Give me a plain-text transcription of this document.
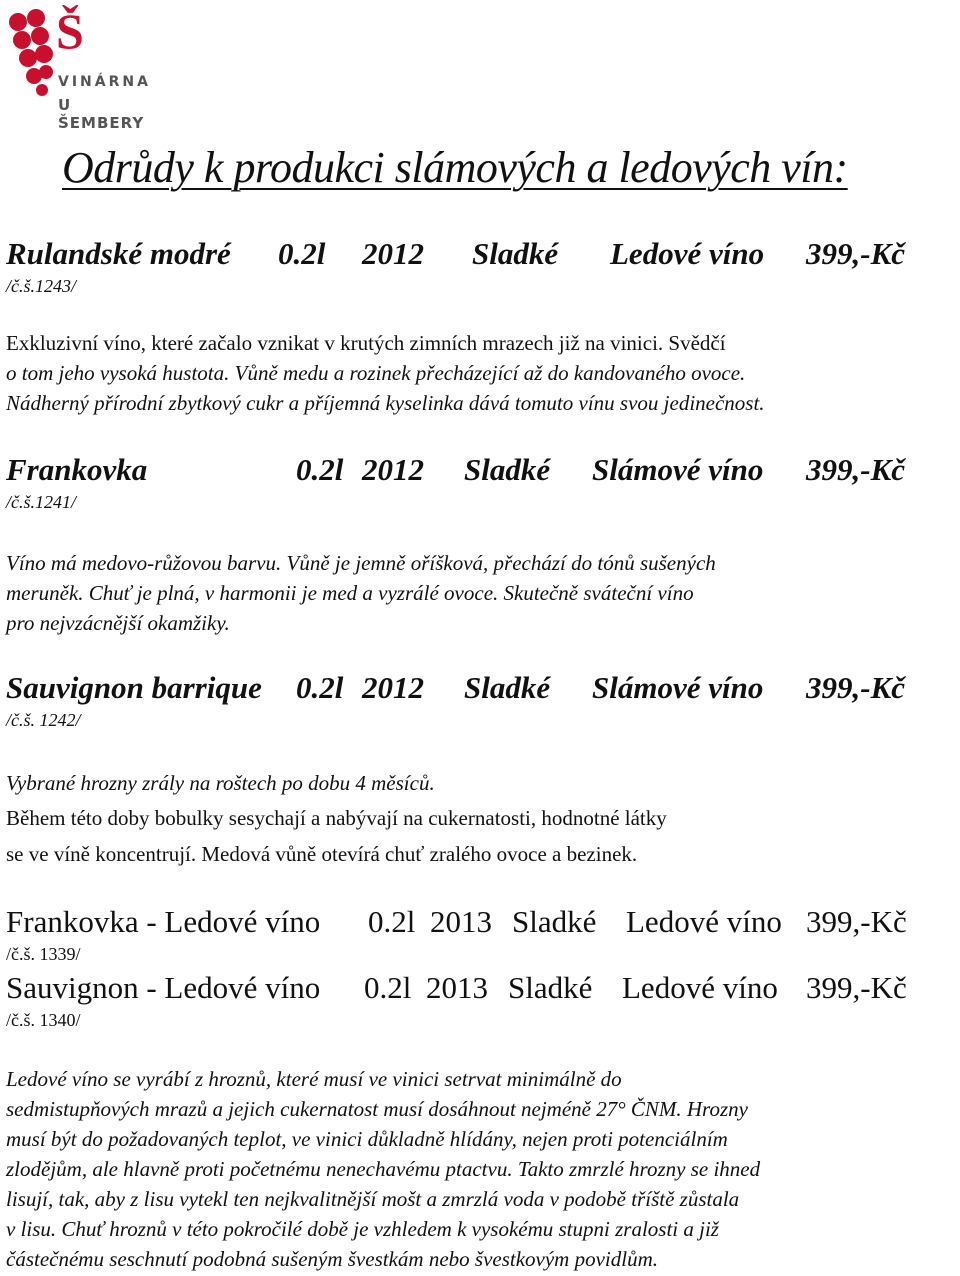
Š
VINÁRNA
U ŠEMBERY
Odrůdy k produkci slámových a ledových vín:
Rulandské modré 0.2l 2012 Sladké Ledové víno 399,-Kč
/č.š.1243/
Exkluzivní víno, které začalo vznikat v krutých zimních mrazech již na vinici. Svědčí
o tom jeho vysoká hustota. Vůně medu a rozinek přecházející až do kandovaného ovoce.
Nádherný přírodní zbytkový cukr a příjemná kyselinka dává tomuto vínu svou jedinečnost.
Frankovka	0.2l 2012 Sladké Slámové víno 399,-Kč
/č.š.1241/
Víno má medovo-růžovou barvu. Vůně je jemně oříšková, přechází do tónů sušených
meruněk. Chuť je plná, v harmonii je med a vyzrálé ovoce. Skutečně sváteční víno
pro nejvzácnější okamžiky.
Sauvignon barrique 0.2l 2012 Sladké Slámové víno 399,-Kč
/č.š. 1242/
Vybrané hrozny zrály na roštech po dobu 4 měsíců.
Během této doby bobulky sesychají a nabývají na cukernatosti, hodnotné látky
se ve víně koncentrují. Medová vůně otevírá chuť zralého ovoce a bezinek.
Frankovka - Ledové víno 0.2l 2013 Sladké Ledové víno 399,-Kč
/č.š. 1339/
Sauvignon - Ledové víno 0.2l 2013 Sladké Ledové víno 399,-Kč
/č.š. 1340/
Ledové víno se vyrábí z hroznů, které musí ve vinici setrvat minimálně do
sedmistupňových mrazů a jejich cukernatost musí dosáhnout nejméně 27° ČNM. Hrozny
musí být do požadovaných teplot, ve vinici důkladně hlídány, nejen proti potenciálním
zlodějům, ale hlavně proti početnému nenechavému ptactvu. Takto zmrzlé hrozny se ihned
lisují, tak, aby z lisu vytekl ten nejkvalitnější mošt a zmrzlá voda v podobě tříště zůstala
v lisu. Chuť hroznů v této pokročilé době je vzhledem k vysokému stupni zralosti a již
částečnému seschnutí podobná sušeným švestkám nebo švestkovým povidlům.
